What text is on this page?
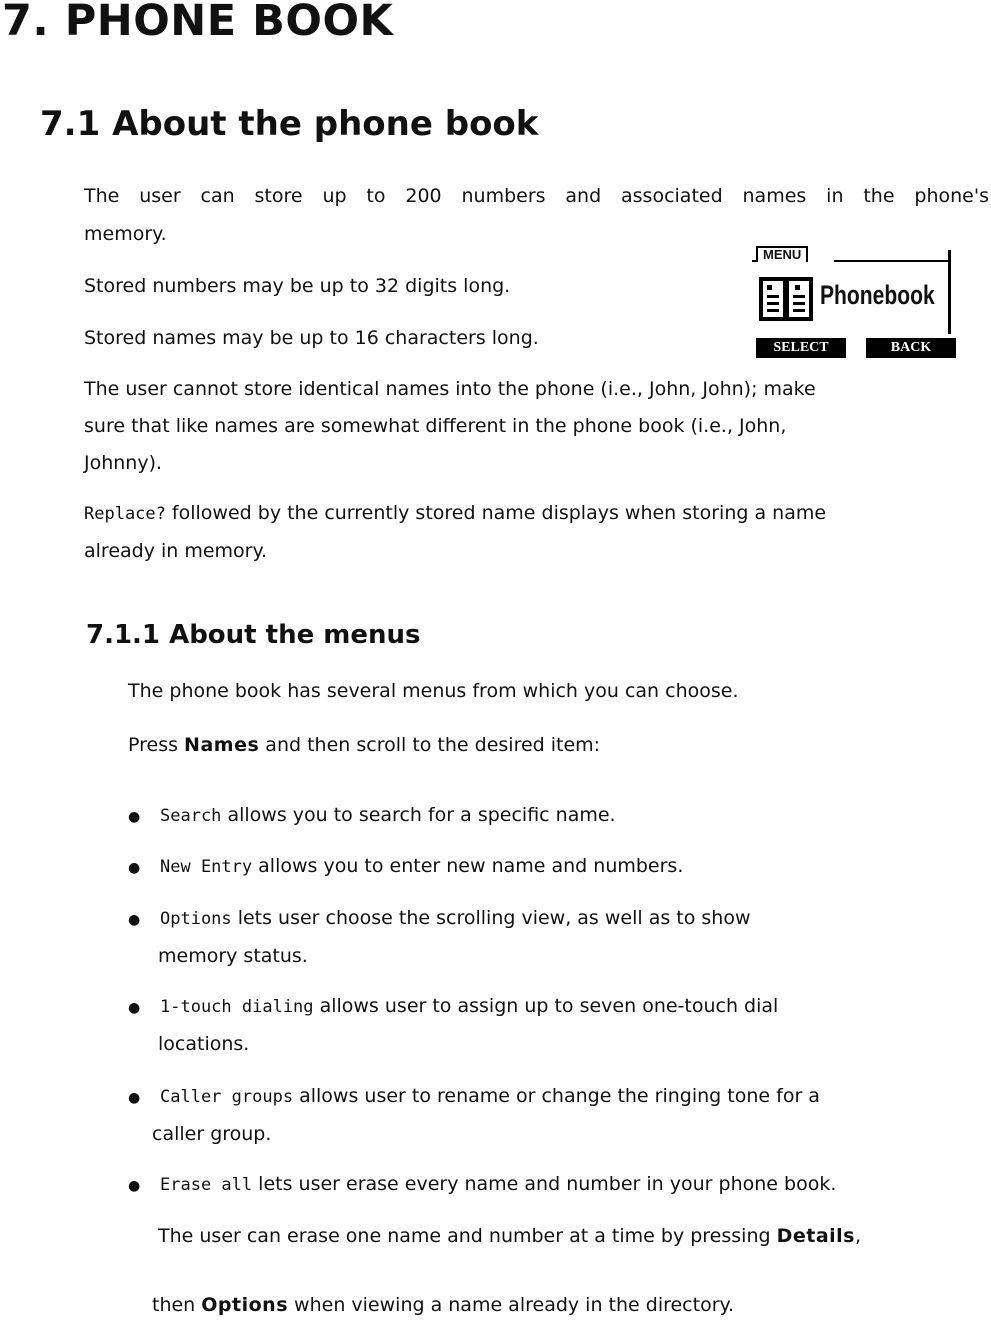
7. PHONE BOOK
7.1 About the phone book

The user can store up to 200 numbers and associated names in the phone's

memory.

Stored numbers may be up to 32 digits long.

Stored names may be up to 16 characters long.

The user cannot store identical names into the phone (i.e., John, John); make

sure that like names are somewhat different in the phone book (i.e., John,

Johnny).

Replace? followed by the currently stored name displays when storing a name

already in memory.

MENU
Phonebook
SELECT	BACK
7.1.1 About the menus

The phone book has several menus from which you can choose.

Press Names and then scroll to the desired item:

● Search allows you to search for a specific name.

● New Entry allows you to enter new name and numbers.

● Options lets user choose the scrolling view, as well as to show

memory status.

● 1-touch dialing allows user to assign up to seven one-touch dial

locations.

● Caller groups allows user to rename or change the ringing tone for a

caller group.

● Erase all lets user erase every name and number in your phone book.

The user can erase one name and number at a time by pressing Details,

then Options when viewing a name already in the directory.
